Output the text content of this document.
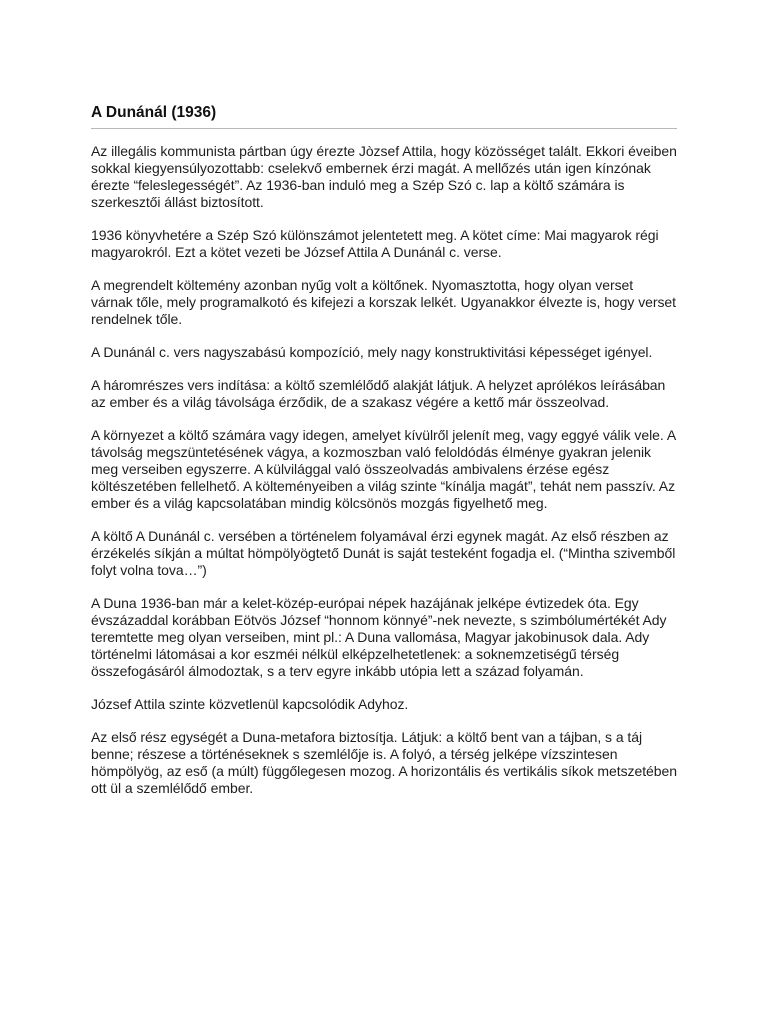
A Dunánál (1936)

Az illegális kommunista pártban úgy érezte Jòzsef Attila, hogy közösséget talált. Ekkori éveiben sokkal kiegyensúlyozottabb: cselekvő embernek érzi magát. A mellőzés után igen kínzónak érezte “feleslegességét”. Az 1936-ban induló meg a Szép Szó c. lap a költő számára is szerkesztői állást biztosított.

1936 könyvhetére a Szép Szó különszámot jelentetett meg. A kötet címe: Mai magyarok régi magyarokról. Ezt a kötet vezeti be József Attila A Dunánál c. verse.

A megrendelt költemény azonban nyűg volt a költőnek. Nyomasztotta, hogy olyan verset várnak tőle, mely programalkotó és kifejezi a korszak lelkét. Ugyanakkor élvezte is, hogy verset rendelnek tőle.

A Dunánál c. vers nagyszabású kompozíció, mely nagy konstruktivitási képességet igényel.

A háromrészes vers indítása: a költő szemlélődő alakját látjuk. A helyzet aprólékos leírásában az ember és a világ távolsága érződik, de a szakasz végére a kettő már összeolvad.

A környezet a költő számára vagy idegen, amelyet kívülről jelenít meg, vagy eggyé válik vele. A távolság megszüntetésének vágya, a kozmoszban való feloldódás élménye gyakran jelenik meg verseiben egyszerre. A külvilággal való összeolvadás ambivalens érzése egész költészetében fellelhető. A költeményeiben a világ szinte “kínálja magát”, tehát nem passzív. Az ember és a világ kapcsolatában mindig kölcsönös mozgás figyelhető meg.

A költő A Dunánál c. versében a történelem folyamával érzi egynek magát. Az első részben az érzékelés síkján a múltat hömpölyögtető Dunát is saját testeként fogadja el. (“Mintha szivemből folyt volna tova…”)

A Duna 1936-ban már a kelet-közép-európai népek hazájának jelképe évtizedek óta. Egy évszázaddal korábban Eötvös József “honnom könnyé”-nek nevezte, s szimbólumértékét Ady teremtette meg olyan verseiben, mint pl.: A Duna vallomása, Magyar jakobinusok dala. Ady történelmi látomásai a kor eszméi nélkül elképzelhetetlenek: a soknemzetiségű térség összefogásáról álmodoztak, s a terv egyre inkább utópia lett a század folyamán.

József Attila szinte közvetlenül kapcsolódik Adyhoz.

Az első rész egységét a Duna-metafora biztosítja. Látjuk: a költő bent van a tájban, s a táj benne; részese a történéseknek s szemlélője is. A folyó, a térség jelképe vízszintesen hömpölyög, az eső (a múlt) függőlegesen mozog. A horizontális és vertikális síkok metszetében ott ül a szemlélődő ember.
